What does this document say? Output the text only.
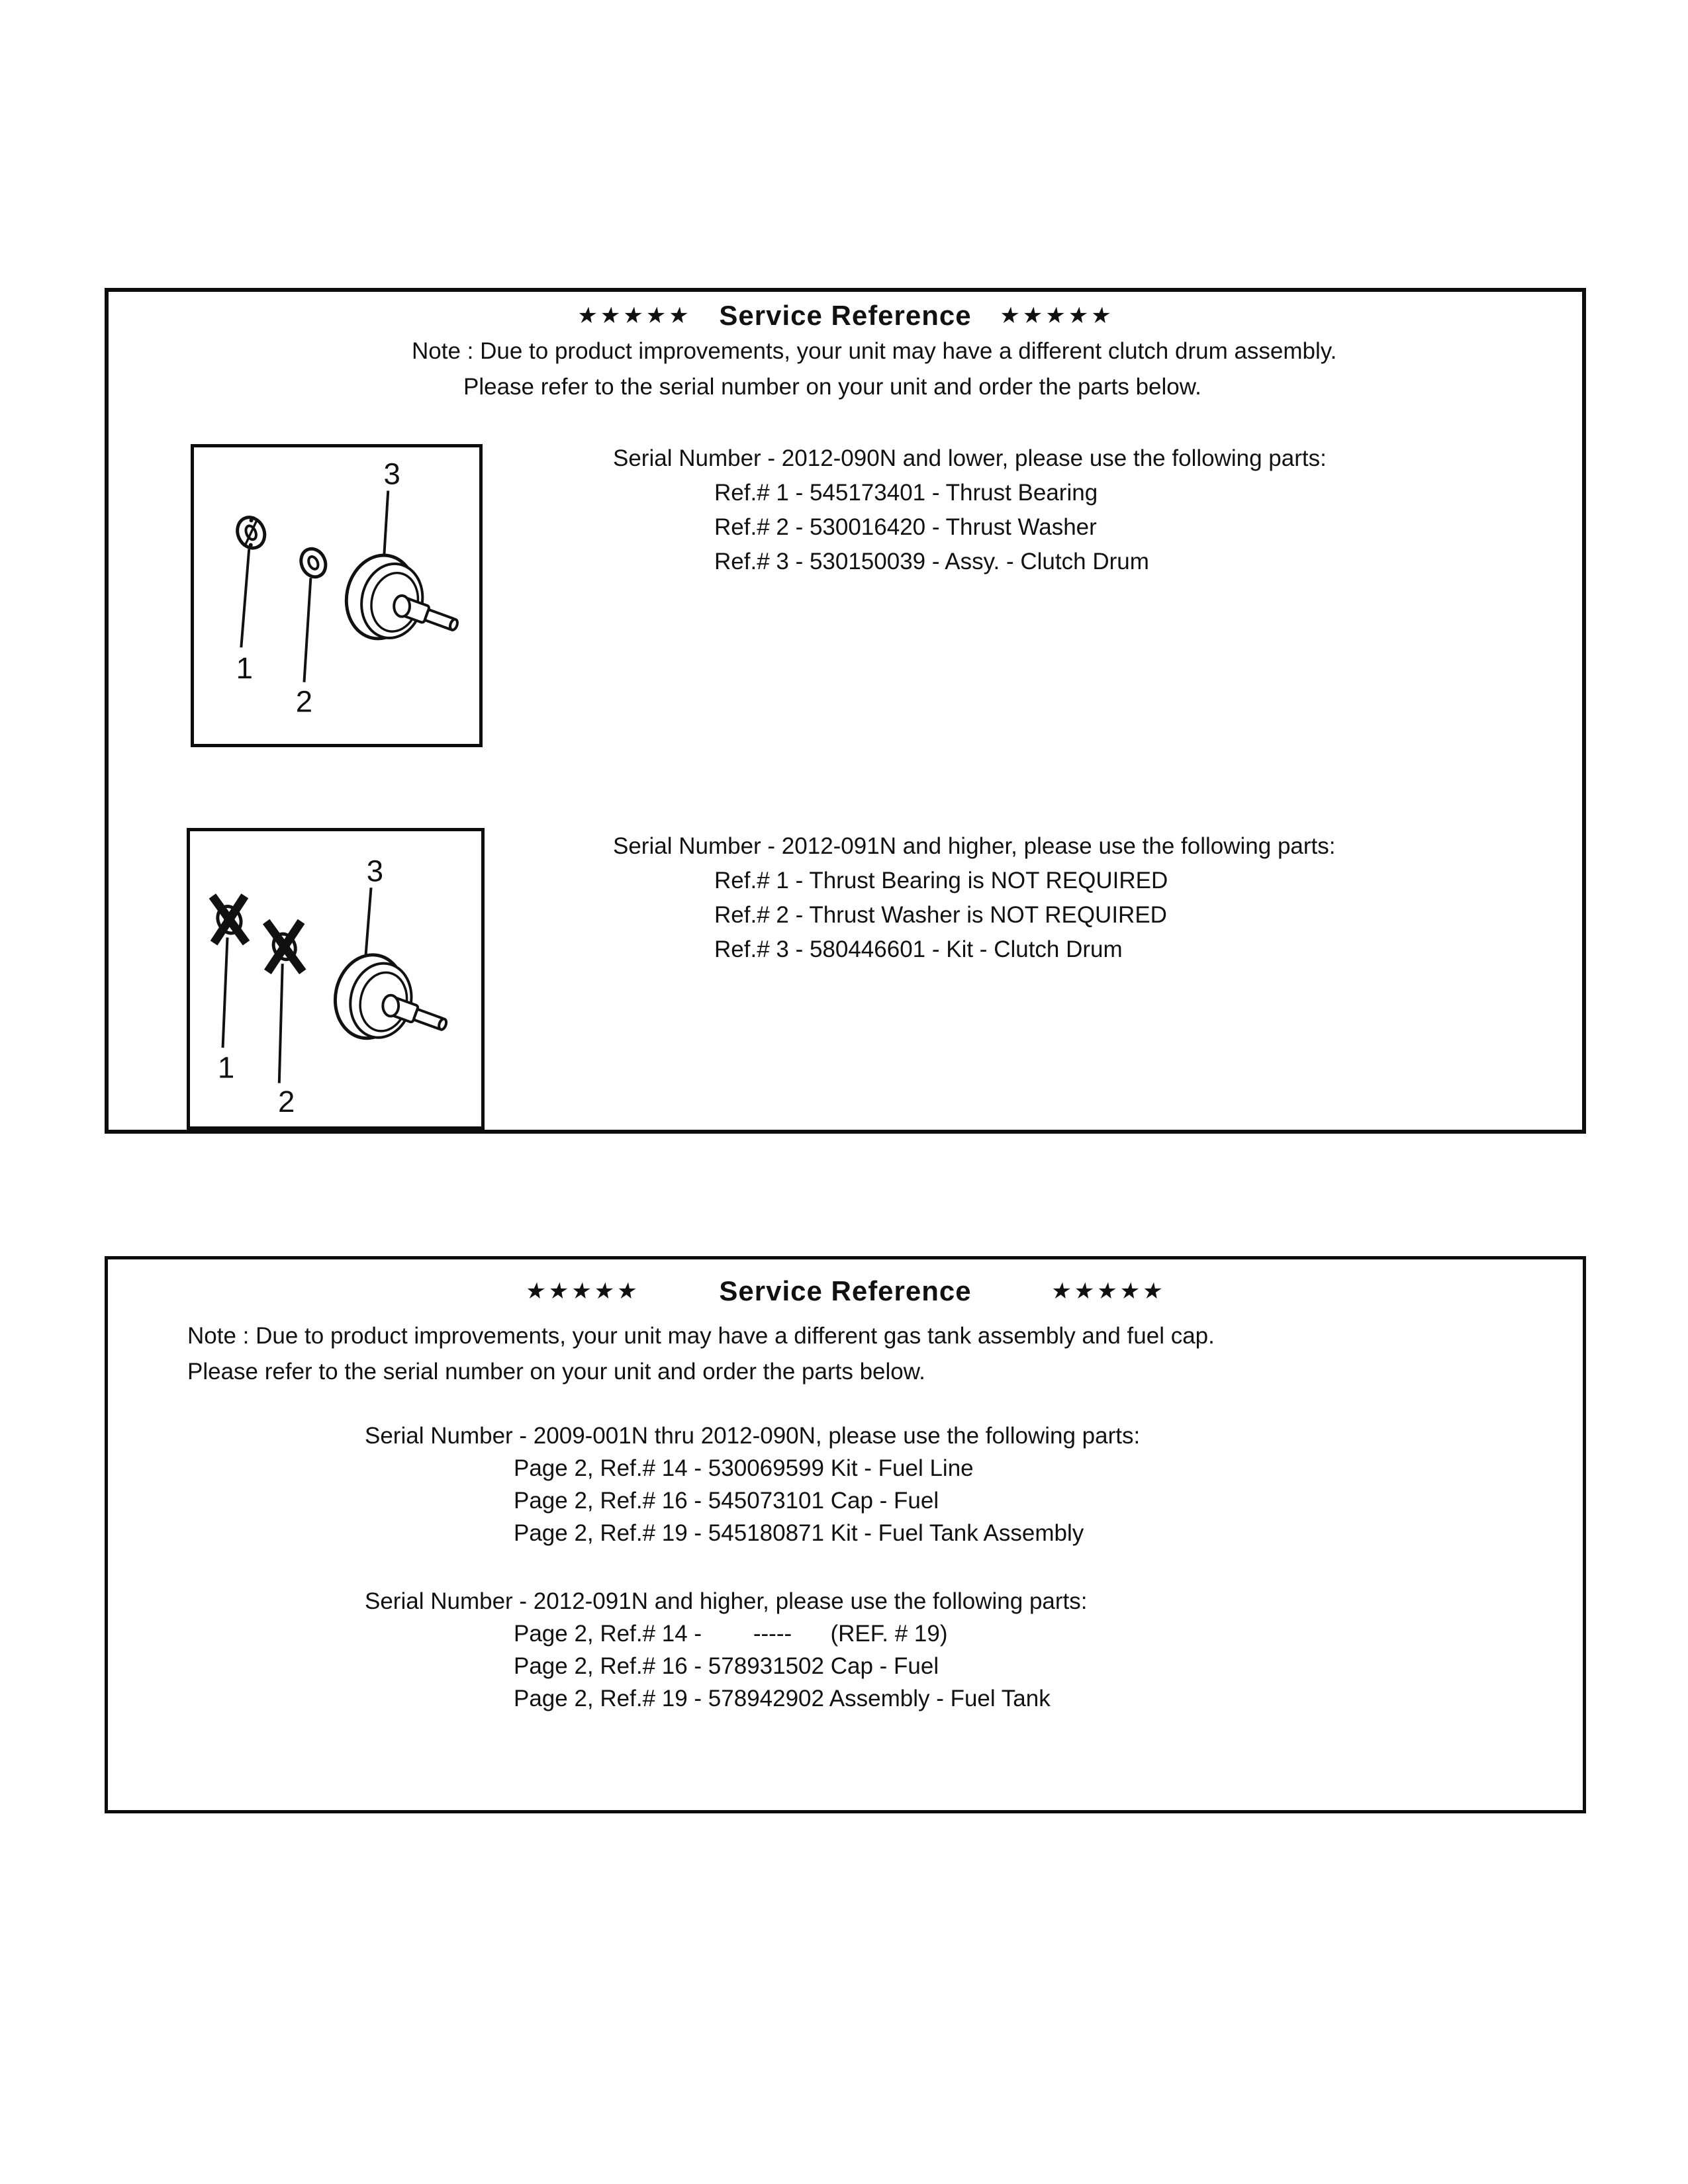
★★★★★ Service Reference ★★★★★

Note : Due to product improvements, your unit may have a different clutch drum assembly.

Please refer to the serial number on your unit and order the parts below.

1
2
3	Serial Number - 2012-090N and lower, please use the following parts:

Ref.# 1 - 545173401 - Thrust Bearing

Ref.# 2 - 530016420 - Thrust Washer

Ref.# 3 - 530150039 - Assy. - Clutch Drum

1
2
3

Serial Number - 2012-091N and higher, please use the following parts:

Ref.# 1 - Thrust Bearing is NOT REQUIRED

Ref.# 2 - Thrust Washer is NOT REQUIRED

Ref.# 3 - 580446601 - Kit - Clutch Drum

★★★★★	Service Reference	★★★★★

Note : Due to product improvements, your unit may have a different gas tank assembly and fuel cap.

Please refer to the serial number on your unit and order the parts below.

Serial Number - 2009-001N thru 2012-090N, please use the following parts:

Page 2, Ref.# 14 - 530069599 Kit - Fuel Line

Page 2, Ref.# 16 - 545073101 Cap - Fuel

Page 2, Ref.# 19 - 545180871 Kit - Fuel Tank Assembly

Serial Number - 2012-091N and higher, please use the following parts:

Page 2, Ref.# 14 -        -----      (REF. # 19)

Page 2, Ref.# 16 - 578931502 Cap - Fuel

Page 2, Ref.# 19 - 578942902 Assembly - Fuel Tank
